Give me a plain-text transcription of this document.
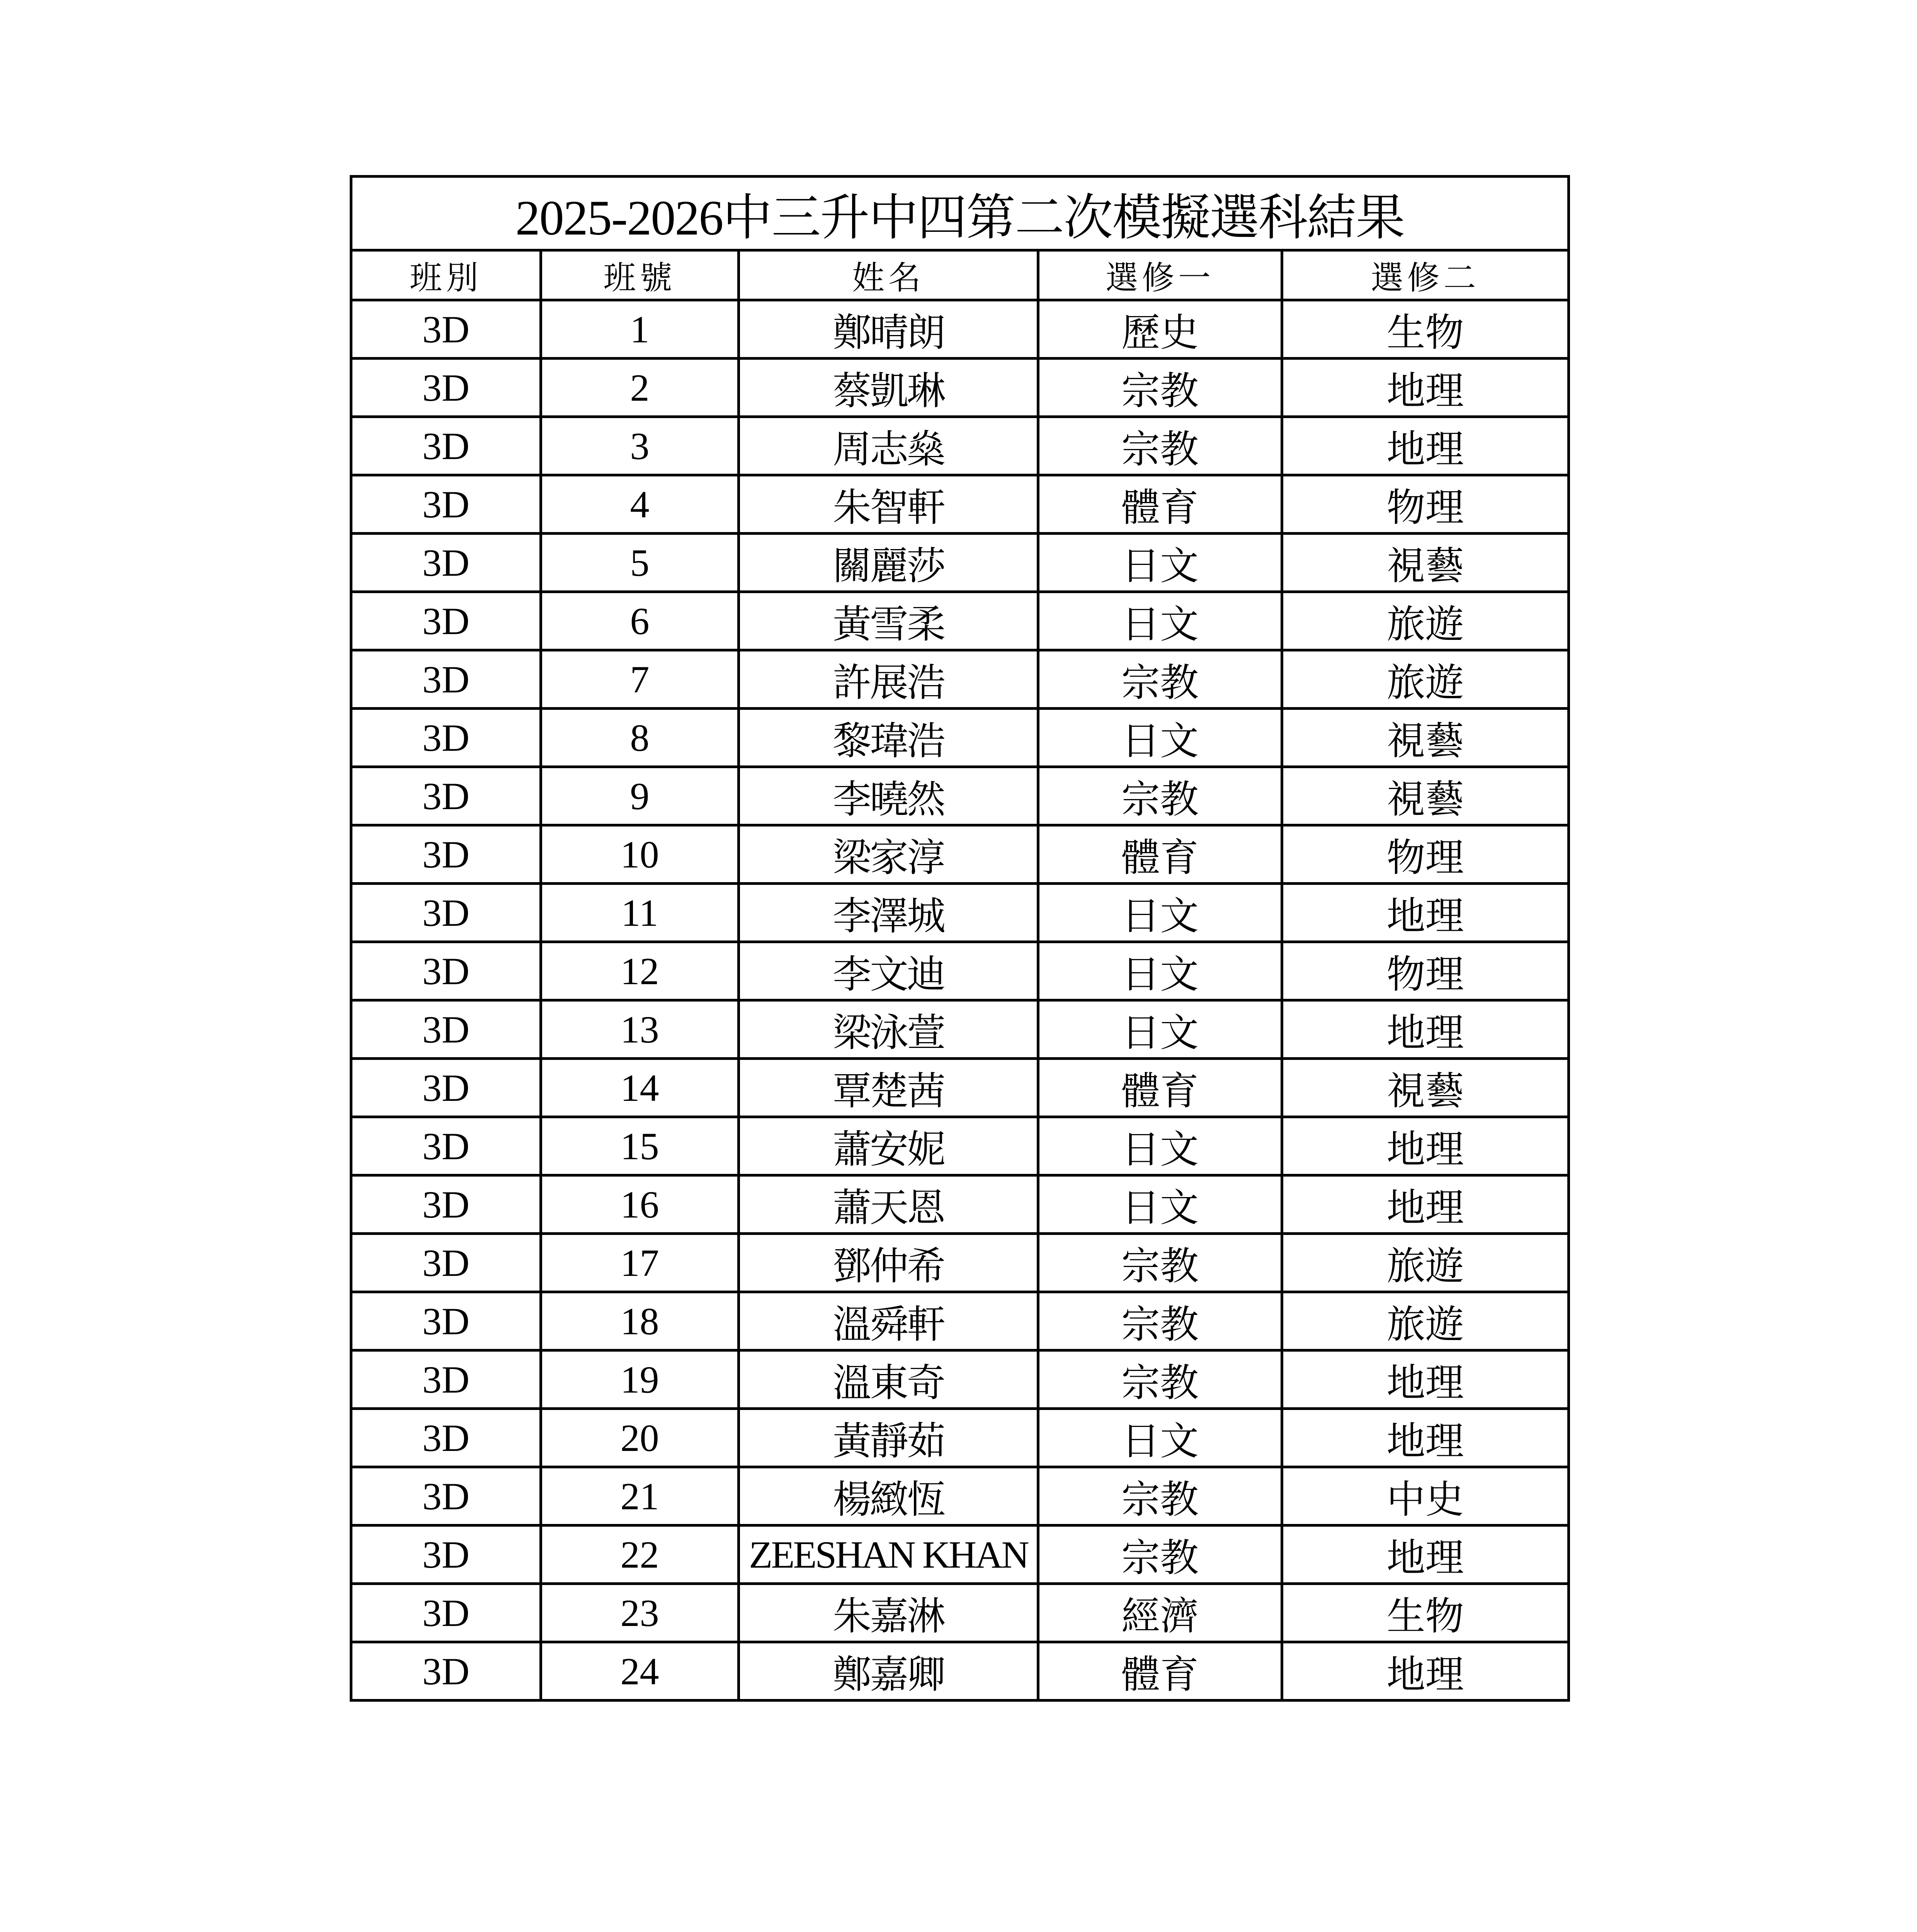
2025-2026中三升中四第二次模擬選科結果				
班別	班號	姓名	選修一	選修二
3D	1	鄭晴朗	歷史	生物
3D	2	蔡凱琳	宗教	地理
3D	3	周志燊	宗教	地理
3D	4	朱智軒	體育	物理
3D	5	關麗莎	日文	視藝
3D	6	黃雪柔	日文	旅遊
3D	7	許展浩	宗教	旅遊
3D	8	黎瑋浩	日文	視藝
3D	9	李曉然	宗教	視藝
3D	10	梁家淳	體育	物理
3D	11	李澤城	日文	地理
3D	12	李文迪	日文	物理
3D	13	梁泳萱	日文	地理
3D	14	覃楚茜	體育	視藝
3D	15	蕭安妮	日文	地理
3D	16	蕭天恩	日文	地理
3D	17	鄧仲希	宗教	旅遊
3D	18	溫舜軒	宗教	旅遊
3D	19	溫東奇	宗教	地理
3D	20	黃靜茹	日文	地理
3D	21	楊緻恆	宗教	中史
3D	22	ZEESHAN KHAN	宗教	地理
3D	23	朱嘉淋	經濟	生物
3D	24	鄭嘉卿	體育	地理
